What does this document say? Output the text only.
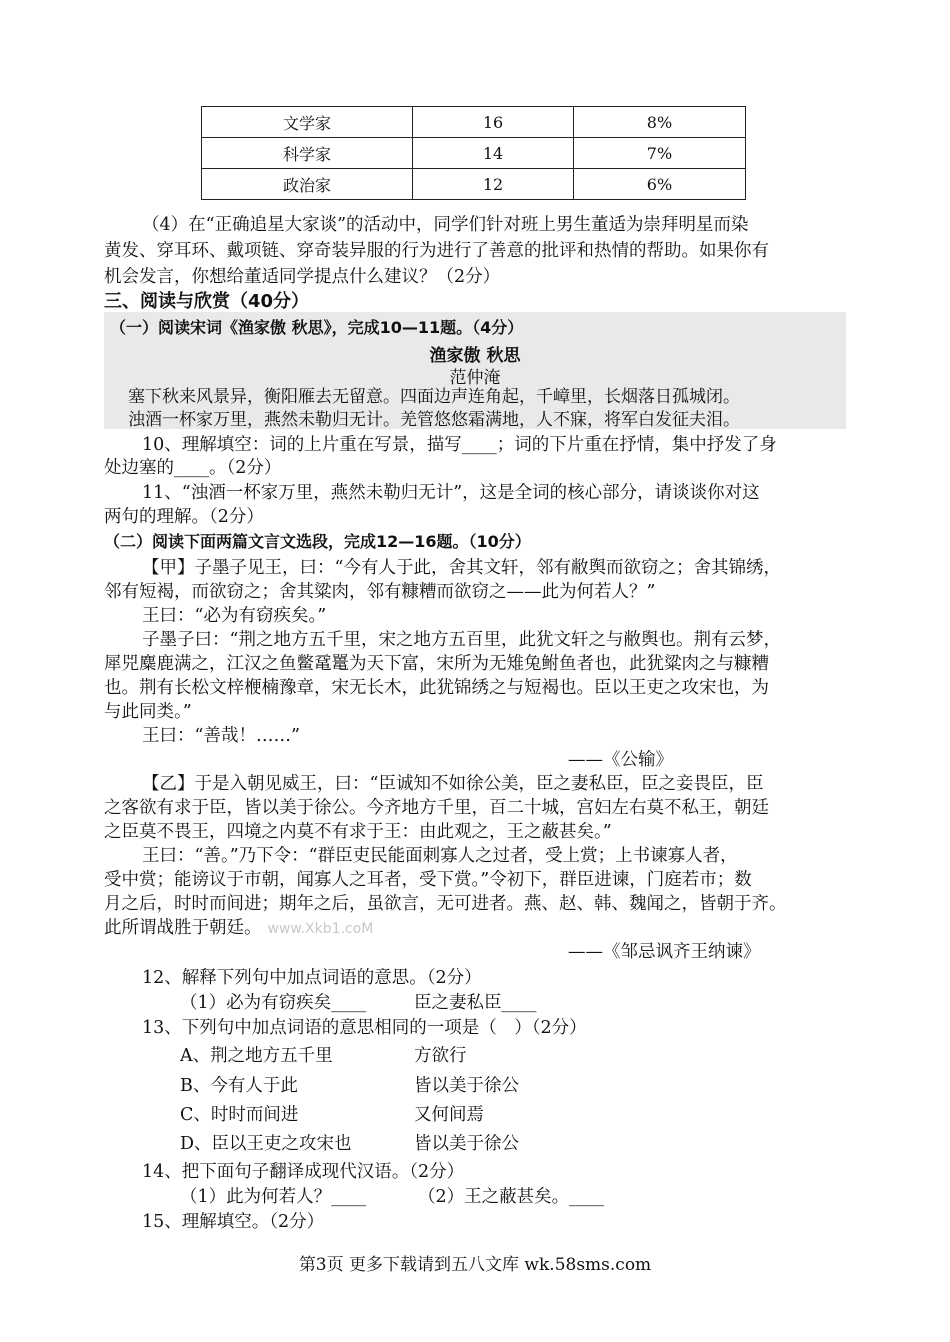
文学家	16	8%
科学家	14	7%
政治家	12	6%
（4）在“正确追星大家谈”的活动中，同学们针对班上男生董适为崇拜明星而染
黄发、穿耳环、戴项链、穿奇装异服的行为进行了善意的批评和热情的帮助。如果你有
机会发言，你想给董适同学提点什么建议？（2分）
三、阅读与欣赏（40分）
（一）阅读宋词《渔家傲 秋思》，完成10—11题。（4分）
渔家傲 秋思
范仲淹
塞下秋来风景异，衡阳雁去无留意。四面边声连角起，千嶂里，长烟落日孤城闭。
浊酒一杯家万里，燕然未勒归无计。羌管悠悠霜满地，人不寐，将军白发征夫泪。
10、理解填空：词的上片重在写景，描写____；词的下片重在抒情，集中抒发了身
处边塞的____。（2分）
11、“浊酒一杯家万里，燕然未勒归无计”，这是全词的核心部分，请谈谈你对这
两句的理解。（2分）
（二）阅读下面两篇文言文选段，完成12—16题。（10分）
【甲】子墨子见王，曰：“今有人于此，舍其文轩，邻有敝舆而欲窃之；舍其锦绣，
邻有短褐，而欲窃之；舍其粱肉，邻有糠糟而欲窃之——此为何若人？”
王曰：“必为有窃疾矣。”
子墨子曰：“荆之地方五千里，宋之地方五百里，此犹文轩之与敝舆也。荆有云梦，
犀兕麋鹿满之，江汉之鱼鳖鼋鼍为天下富，宋所为无雉兔鲋鱼者也，此犹粱肉之与糠糟
也。荆有长松文梓楩楠豫章，宋无长木，此犹锦绣之与短褐也。臣以王吏之攻宋也，为
与此同类。”
王曰：“善哉！……”
——《公输》
【乙】于是入朝见威王，曰：“臣诚知不如徐公美，臣之妻私臣，臣之妾畏臣，臣
之客欲有求于臣，皆以美于徐公。今齐地方千里，百二十城，宫妇左右莫不私王，朝廷
之臣莫不畏王，四境之内莫不有求于王：由此观之，王之蔽甚矣。”
王曰：“善。”乃下令：“群臣吏民能面刺寡人之过者，受上赏；上书谏寡人者，
受中赏；能谤议于市朝，闻寡人之耳者，受下赏。”令初下，群臣进谏，门庭若市；数
月之后，时时而间进；期年之后，虽欲言，无可进者。燕、赵、韩、魏闻之，皆朝于齐。
此所谓战胜于朝廷。 www.Xkb1.coM
——《邹忌讽齐王纳谏》
12、解释下列句中加点词语的意思。（2分）
（1）必为有窃疾矣____	臣之妻私臣____
13、下列句中加点词语的意思相同的一项是（　）（2分）
A、荆之地方五千里	方欲行
B、今有人于此	皆以美于徐公
C、时时而间进	又何间焉
D、臣以王吏之攻宋也	皆以美于徐公
14、把下面句子翻译成现代汉语。（2分）
（1）此为何若人？____	（2）王之蔽甚矣。____
15、理解填空。（2分）
第3页 更多下载请到五八文库 wk.58sms.com
